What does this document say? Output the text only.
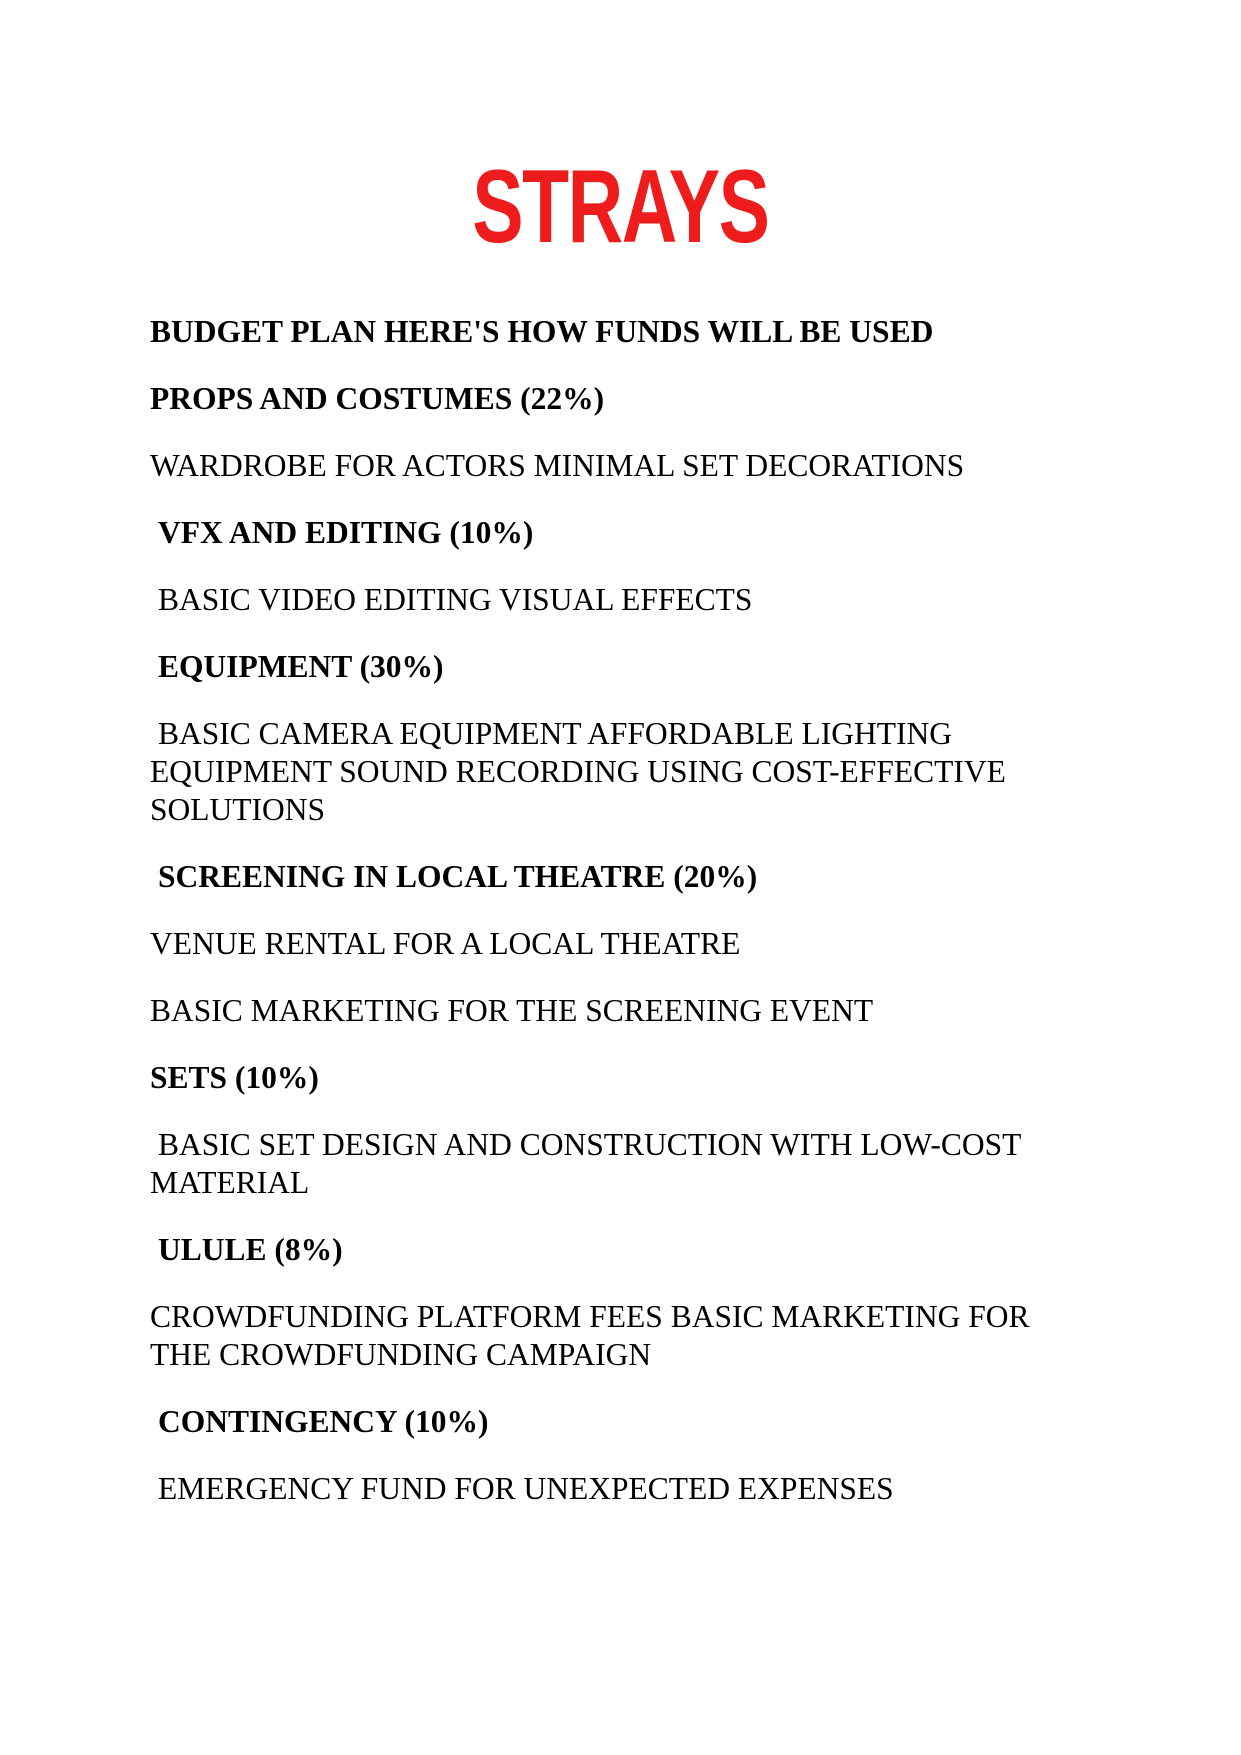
STRAYS
BUDGET PLAN HERE'S HOW FUNDS WILL BE USED
PROPS AND COSTUMES (22%)
WARDROBE FOR ACTORS MINIMAL SET DECORATIONS
VFX AND EDITING (10%)
BASIC VIDEO EDITING VISUAL EFFECTS
EQUIPMENT (30%)
BASIC CAMERA EQUIPMENT AFFORDABLE LIGHTING
EQUIPMENT SOUND RECORDING USING COST-EFFECTIVE
SOLUTIONS
SCREENING IN LOCAL THEATRE (20%)
VENUE RENTAL FOR A LOCAL THEATRE
BASIC MARKETING FOR THE SCREENING EVENT
SETS (10%)
BASIC SET DESIGN AND CONSTRUCTION WITH LOW-COST
MATERIAL
ULULE (8%)
CROWDFUNDING PLATFORM FEES BASIC MARKETING FOR
THE CROWDFUNDING CAMPAIGN
CONTINGENCY (10%)
EMERGENCY FUND FOR UNEXPECTED EXPENSES
